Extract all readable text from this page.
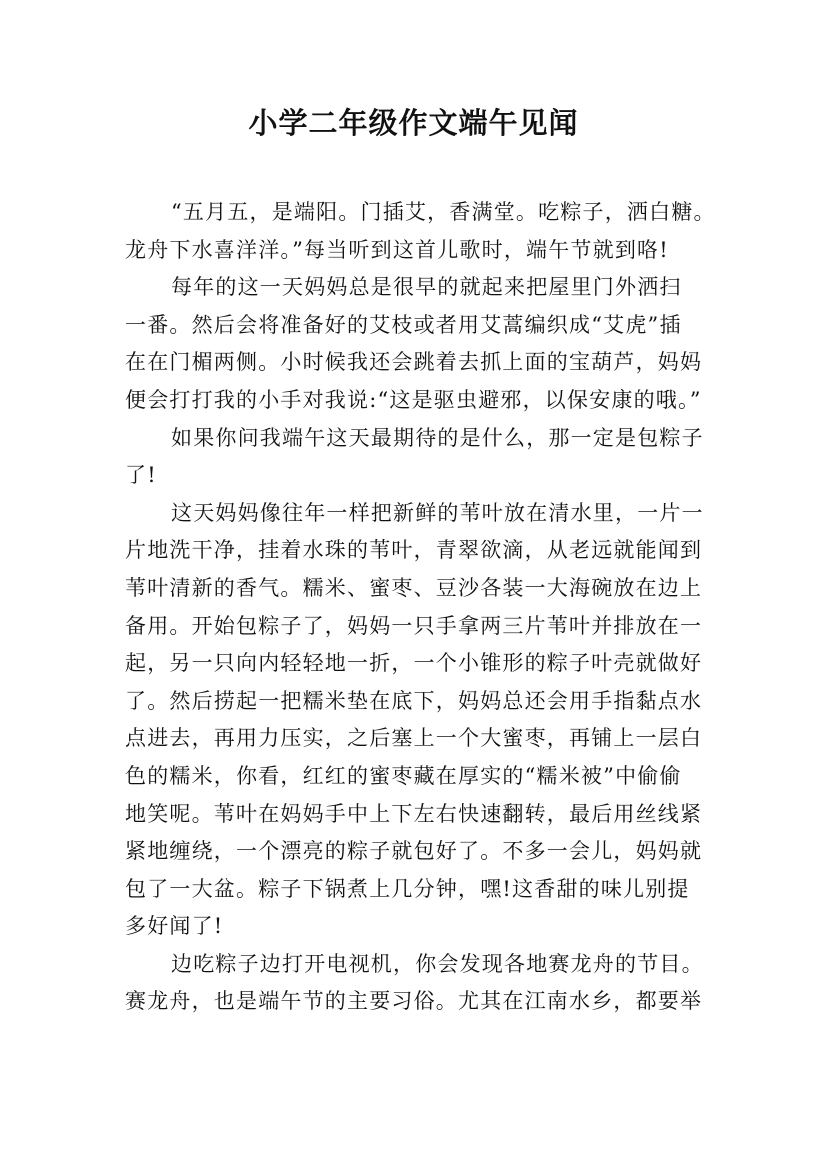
小学二年级作文端午见闻
“五月五，是端阳。门插艾，香满堂。吃粽子，洒白糖。
龙舟下水喜洋洋。”每当听到这首儿歌时，端午节就到咯!
每年的这一天妈妈总是很早的就起来把屋里门外洒扫
一番。然后会将准备好的艾枝或者用艾蒿编织成“艾虎”插
在在门楣两侧。小时候我还会跳着去抓上面的宝葫芦，妈妈
便会打打我的小手对我说:“这是驱虫避邪，以保安康的哦。”
如果你问我端午这天最期待的是什么，那一定是包粽子
了!
这天妈妈像往年一样把新鲜的苇叶放在清水里，一片一
片地洗干净，挂着水珠的苇叶，青翠欲滴，从老远就能闻到
苇叶清新的香气。糯米、蜜枣、豆沙各装一大海碗放在边上
备用。开始包粽子了，妈妈一只手拿两三片苇叶并排放在一
起，另一只向内轻轻地一折，一个小锥形的粽子叶壳就做好
了。然后捞起一把糯米垫在底下，妈妈总还会用手指黏点水
点进去，再用力压实，之后塞上一个大蜜枣，再铺上一层白
色的糯米，你看，红红的蜜枣藏在厚实的“糯米被”中偷偷
地笑呢。苇叶在妈妈手中上下左右快速翻转，最后用丝线紧
紧地缠绕，一个漂亮的粽子就包好了。不多一会儿，妈妈就
包了一大盆。粽子下锅煮上几分钟，嘿!这香甜的味儿别提
多好闻了!
边吃粽子边打开电视机，你会发现各地赛龙舟的节目。
赛龙舟，也是端午节的主要习俗。尤其在江南水乡，都要举
